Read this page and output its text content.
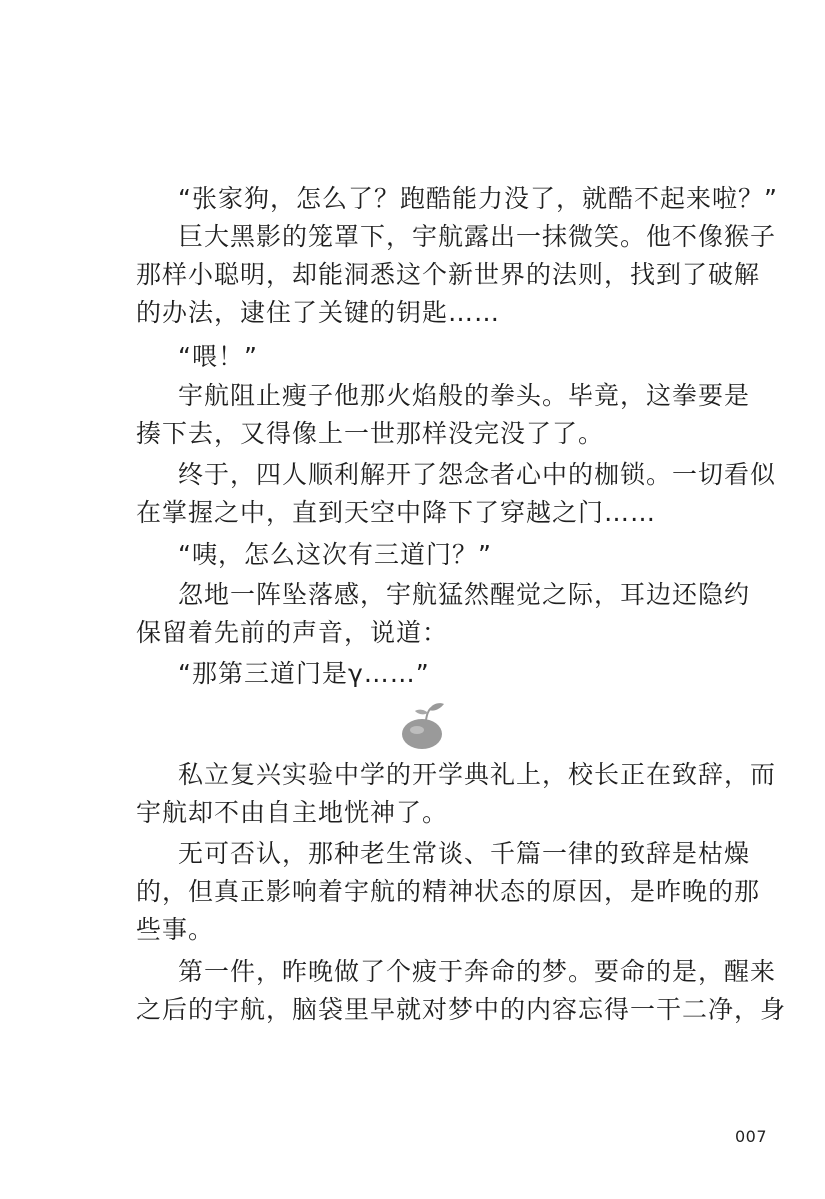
“张家狗，怎么了？跑酷能力没了，就酷不起来啦？”

巨大黑影的笼罩下，宇航露出一抹微笑。他不像猴子
那样小聪明，却能洞悉这个新世界的法则，找到了破解
的办法，逮住了关键的钥匙……

“喂！”

宇航阻止瘦子他那火焰般的拳头。毕竟，这拳要是
揍下去，又得像上一世那样没完没了了。

终于，四人顺利解开了怨念者心中的枷锁。一切看似
在掌握之中，直到天空中降下了穿越之门……

“咦，怎么这次有三道门？”

忽地一阵坠落感，宇航猛然醒觉之际，耳边还隐约
保留着先前的声音，说道：

“那第三道门是γ……”

私立复兴实验中学的开学典礼上，校长正在致辞，而
宇航却不由自主地恍神了。

无可否认，那种老生常谈、千篇一律的致辞是枯燥
的，但真正影响着宇航的精神状态的原因，是昨晚的那
些事。

第一件，昨晚做了个疲于奔命的梦。要命的是，醒来
之后的宇航，脑袋里早就对梦中的内容忘得一干二净，身

007
